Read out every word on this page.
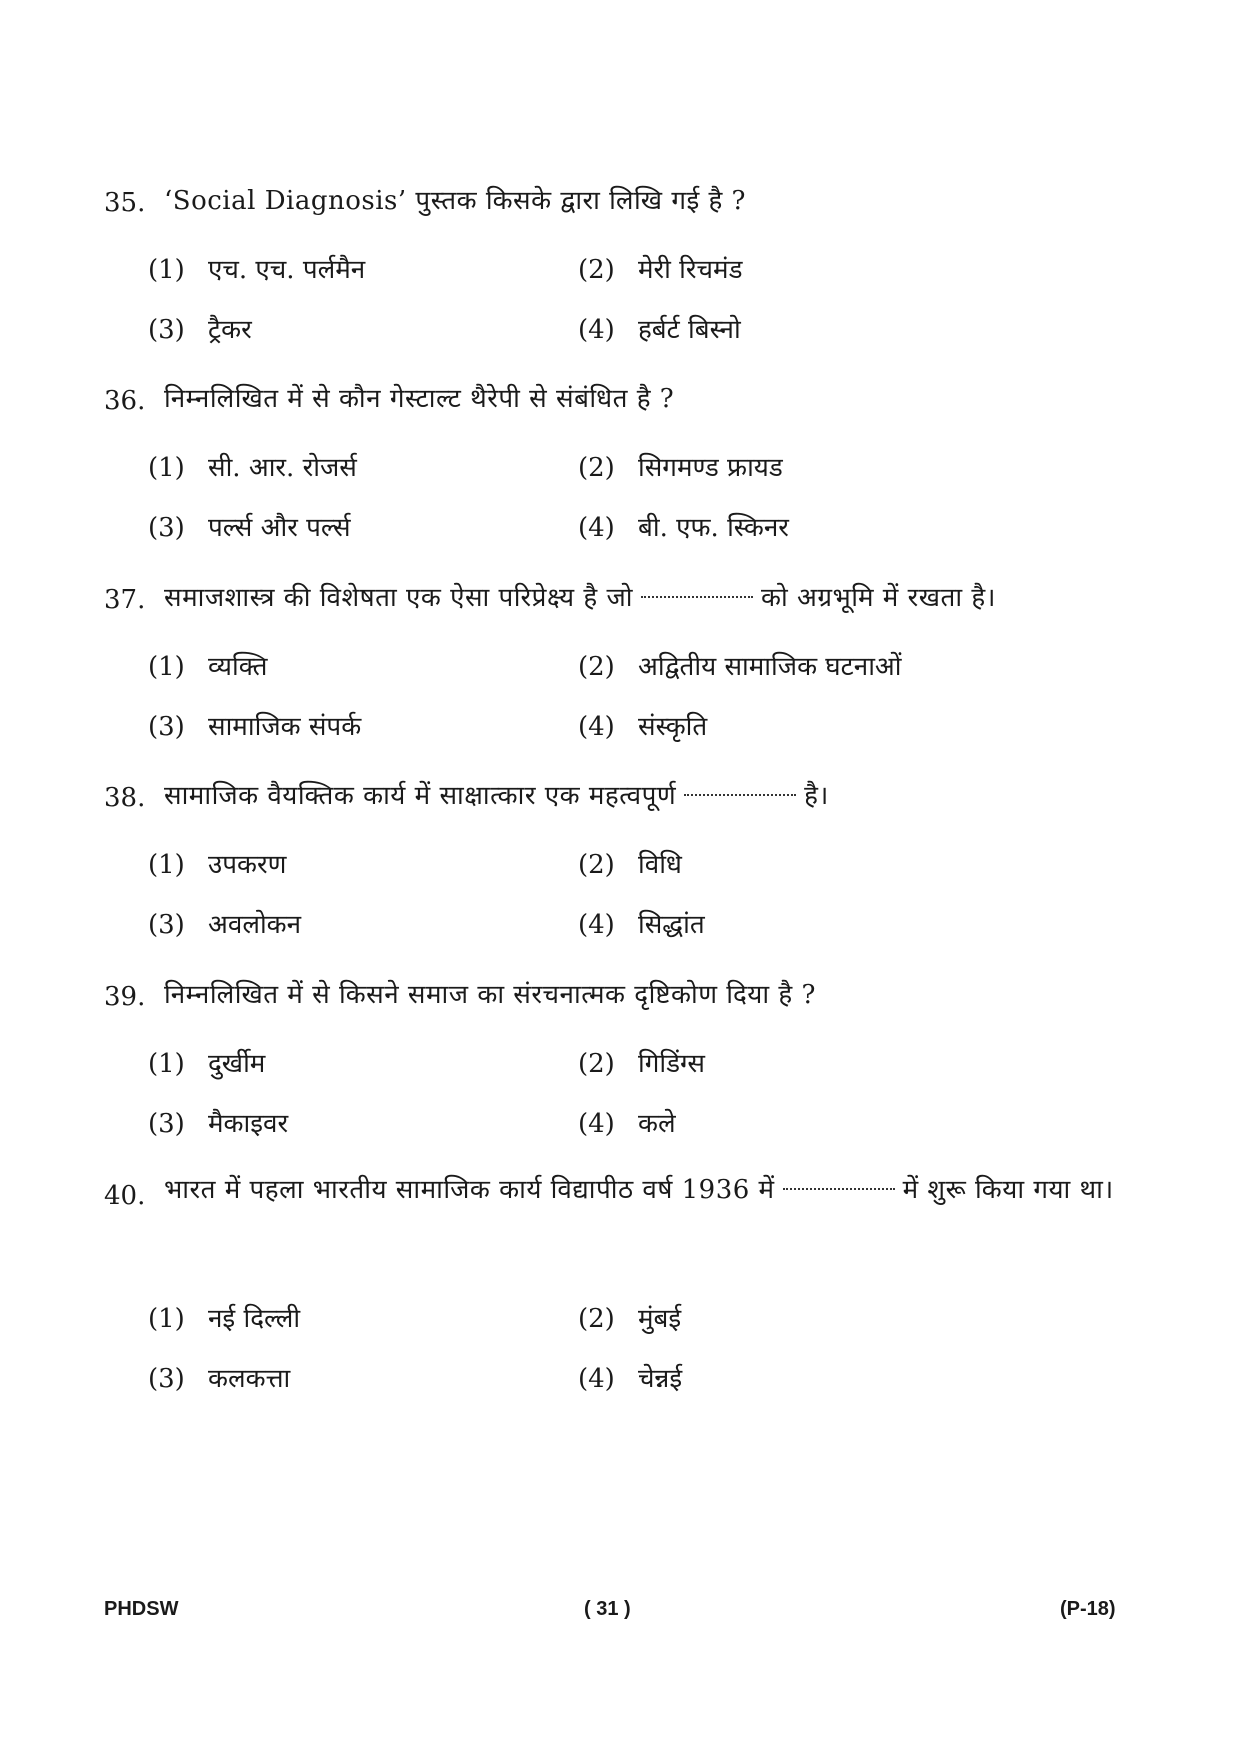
35. ‘Social Diagnosis’ पुस्तक किसके द्वारा लिखि गई है ?
(1) एच. एच. पर्लमैन	(2) मेरी रिचमंड
(3) ट्रैकर	(4) हर्बर्ट बिस्नो
36. निम्नलिखित में से कौन गेस्टाल्ट थैरेपी से संबंधित है ?
(1) सी. आर. रोजर्स	(2) सिगमण्ड फ्रायड
(3) पर्ल्स और पर्ल्स	(4) बी. एफ. स्किनर
37. समाजशास्त्र की विशेषता एक ऐसा परिप्रेक्ष्य है जो	को अग्रभूमि में रखता है।
(1) व्यक्ति	(2) अद्वितीय सामाजिक घटनाओं
(3) सामाजिक संपर्क	(4) संस्कृति
38. सामाजिक वैयक्तिक कार्य में साक्षात्कार एक महत्वपूर्ण	है।
(1) उपकरण	(2) विधि
(3) अवलोकन	(4) सिद्धांत
39. निम्नलिखित में से किसने समाज का संरचनात्मक दृष्टिकोण दिया है ?
(1) दुर्खीम	(2) गिडिंग्स
(3) मैकाइवर	(4) कले
40. भारत में पहला भारतीय सामाजिक कार्य विद्यापीठ वर्ष 1936 में	में शुरू किया गया था।
(1) नई दिल्ली	(2) मुंबई
(3) कलकत्ता	(4) चेन्नई
PHDSW	( 31 )	(P-18)
